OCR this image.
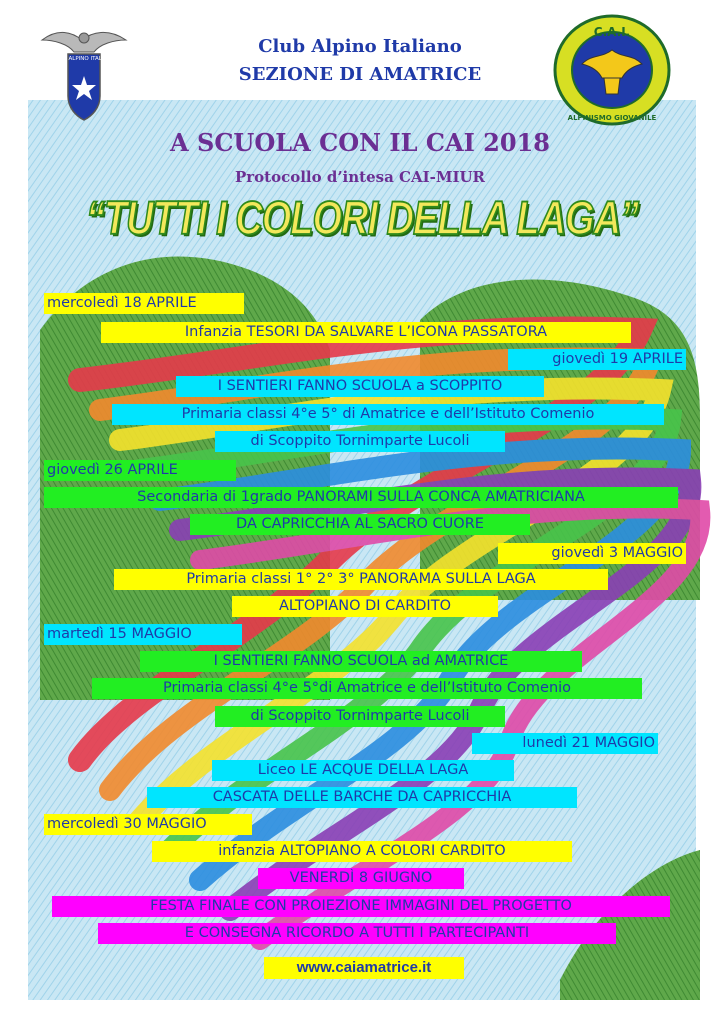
CLUB ALPINO ITALIANO
C.A.I.
ALPINISMO GIOVANILE
Club Alpino Italiano
SEZIONE DI AMATRICE
A SCUOLA CON IL CAI 2018
Protocollo d’intesa CAI-MIUR
“TUTTI I COLORI DELLA LAGA”
mercoledì 18 APRILE
Infanzia TESORI DA SALVARE L’ICONA PASSATORA
giovedì 19 APRILE
I SENTIERI FANNO SCUOLA a SCOPPITO
Primaria classi 4°e 5° di Amatrice e dell’Istituto Comenio
di Scoppito Tornimparte Lucoli
giovedì 26 APRILE
Secondaria di 1grado PANORAMI SULLA CONCA AMATRICIANA
DA CAPRICCHIA AL SACRO CUORE
giovedì 3 MAGGIO
Primaria classi 1° 2° 3° PANORAMA SULLA LAGA
ALTOPIANO DI CARDITO
martedì 15 MAGGIO
I SENTIERI FANNO SCUOLA ad AMATRICE
Primaria classi 4°e 5°di Amatrice e dell’Istituto Comenio
di Scoppito Tornimparte Lucoli
lunedì 21 MAGGIO
Liceo LE ACQUE DELLA LAGA
CASCATA DELLE BARCHE DA CAPRICCHIA
mercoledì 30 MAGGIO
infanzia ALTOPIANO A COLORI CARDITO
VENERDÌ 8 GIUGNO
FESTA FINALE CON PROIEZIONE IMMAGINI DEL PROGETTO
E CONSEGNA RICORDO A TUTTI I PARTECIPANTI
www.caiamatrice.it
